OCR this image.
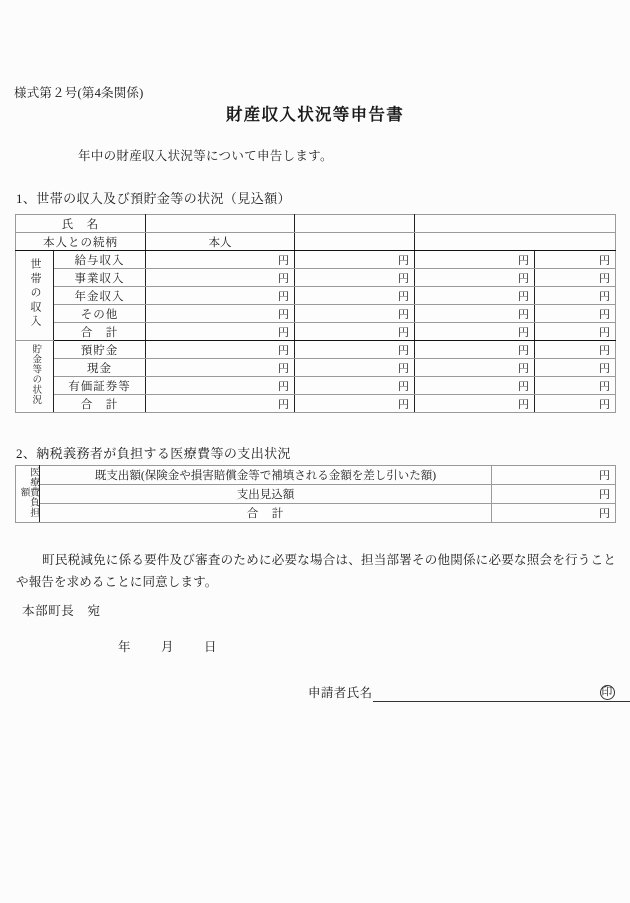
様式第２号(第4条関係)
財産収入状況等申告書
年中の財産収入状況等について申告します。
1、世帯の収入及び預貯金等の状況（見込額）
氏　名					
本人との続柄		本人			
世帯の収入	給与収入	円	円	円	円
	事業収入	円	円	円	円
	年金収入	円	円	円	円
	その他	円	円	円	円
	合　計	円	円	円	円
貯金等の状況	預貯金	円	円	円	円
	現金	円	円	円	円
	有価証券等	円	円	円	円
	合　計	円	円	円	円
2、納税義務者が負担する医療費等の支出状況
医療費負担額	既支出額(保険金や損害賠償金等で補填される金額を差し引いた額)	円
	支出見込額	円
	合　計	円
町民税減免に係る要件及び審査のために必要な場合は、担当部署その他関係に必要な照会を行うことや報告を求めることに同意します。
本部町長　宛
年 月 日
申請者氏名	印
